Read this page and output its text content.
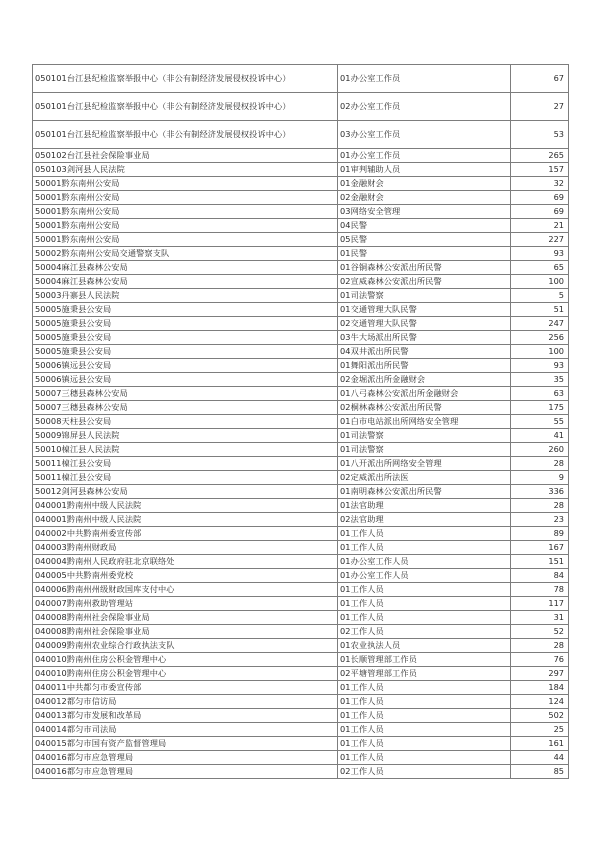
050101台江县纪检监察举报中心（非公有制经济发展侵权投诉中心）	01办公室工作员	67
050101台江县纪检监察举报中心（非公有制经济发展侵权投诉中心）	02办公室工作员	27
050101台江县纪检监察举报中心（非公有制经济发展侵权投诉中心）	03办公室工作员	53
050102台江县社会保险事业局	01办公室工作员	265
050103剑河县人民法院	01审判辅助人员	157
50001黔东南州公安局	01金融财会	32
50001黔东南州公安局	02金融财会	69
50001黔东南州公安局	03网络安全管理	69
50001黔东南州公安局	04民警	21
50001黔东南州公安局	05民警	227
50002黔东南州公安局交通警察支队	01民警	93
50004麻江县森林公安局	01谷铜森林公安派出所民警	65
50004麻江县森林公安局	02宣威森林公安派出所民警	100
50003丹寨县人民法院	01司法警察	5
50005施秉县公安局	01交通管理大队民警	51
50005施秉县公安局	02交通管理大队民警	247
50005施秉县公安局	03牛大场派出所民警	256
50005施秉县公安局	04双井派出所民警	100
50006镇远县公安局	01舞阳派出所民警	93
50006镇远县公安局	02金堀派出所金融财会	35
50007三穗县森林公安局	01八弓森林公安派出所金融财会	63
50007三穗县森林公安局	02桐林森林公安派出所民警	175
50008天柱县公安局	01白市电站派出所网络安全管理	55
50009锦屏县人民法院	01司法警察	41
50010槕江县人民法院	01司法警察	260
50011槕江县公安局	01八开派出所网络安全管理	28
50011槕江县公安局	02定威派出所法医	9
50012剑河县森林公安局	01南明森林公安派出所民警	336
040001黔南州中级人民法院	01法官助理	28
040001黔南州中级人民法院	02法官助理	23
040002中共黔南州委宣传部	01工作人员	89
040003黔南州财政局	01工作人员	167
040004黔南州人民政府驻北京联络处	01办公室工作人员	151
040005中共黔南州委党校	01办公室工作人员	84
040006黔南州州级财政国库支付中心	01工作人员	78
040007黔南州救助管理站	01工作人员	117
040008黔南州社会保险事业局	01工作人员	31
040008黔南州社会保险事业局	02工作人员	52
040009黔南州农业综合行政执法支队	01农业执法人员	28
040010黔南州住房公积金管理中心	01长顺管理部工作员	76
040010黔南州住房公积金管理中心	02平塘管理部工作员	297
040011中共都匀市委宣传部	01工作人员	184
040012都匀市信访局	01工作人员	124
040013都匀市发展和改革局	01工作人员	502
040014都匀市司法局	01工作人员	25
040015都匀市国有资产监督管理局	01工作人员	161
040016都匀市应急管理局	01工作人员	44
040016都匀市应急管理局	02工作人员	85
